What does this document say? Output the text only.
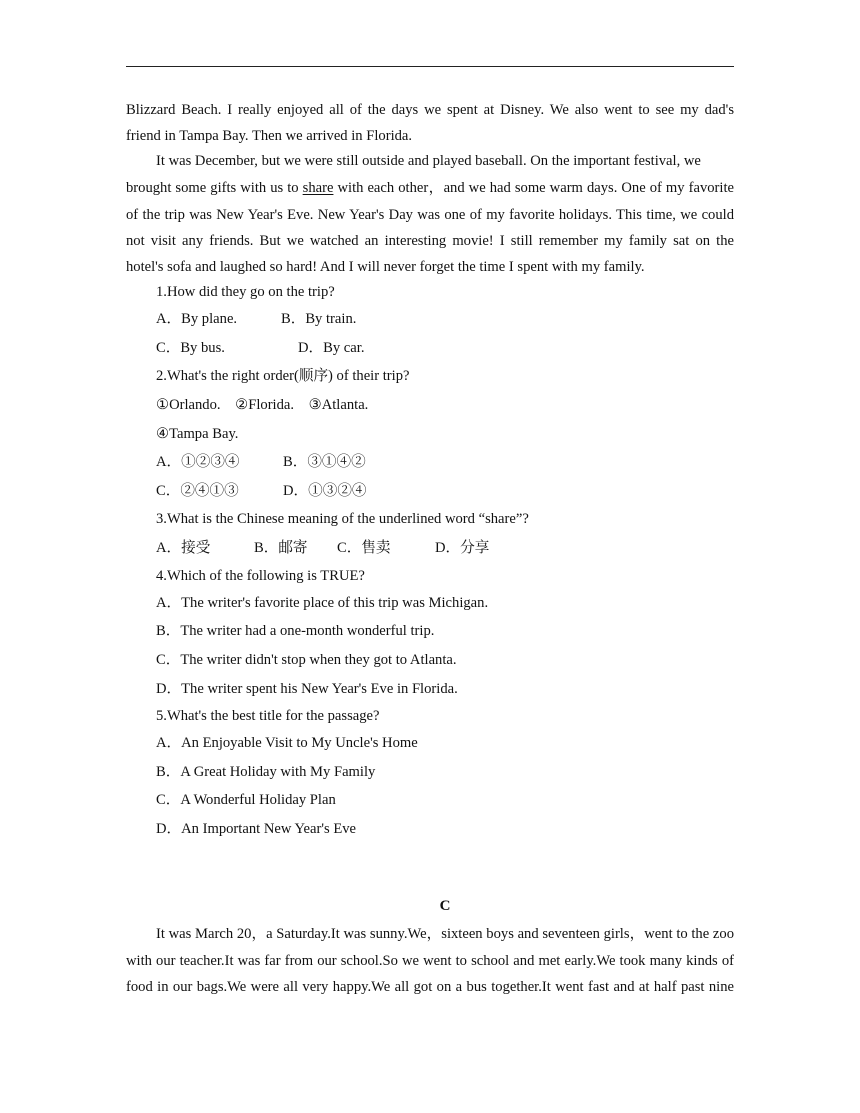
Blizzard Beach. I really enjoyed all of the days we spent at Disney. We also went to see my dad's
friend in Tampa Bay. Then we arrived in Florida.
It was December, but we were still outside and played baseball. On the important festival, we
brought some gifts with us to share with each other，and we had some warm days. One of my favorite
of the trip was New Year's Eve. New Year's Day was one of my favorite holidays. This time, we could
not visit any friends. But we watched an interesting movie! I still remember my family sat on the
hotel's sofa and laughed so hard! And I will never forget the time I spent with my family.
1.How did they go on the trip?
A．By plane.	B．By train.
C．By bus.	D．By car.
2.What's the right order(顺序) of their trip?
①Orlando.    ②Florida.    ③Atlanta.
④Tampa Bay.
A．①②③④	B．③①④②
C．②④①③	D．①③②④
3.What is the Chinese meaning of the underlined word “share”?
A．接受	B．邮寄 C．售卖	D．分享
4.Which of the following is TRUE?
A．The writer's favorite place of this trip was Michigan.
B．The writer had a one-month wonderful trip.
C．The writer didn't stop when they got to Atlanta.
D．The writer spent his New Year's Eve in Florida.
5.What's the best title for the passage?
A．An Enjoyable Visit to My Uncle's Home
B．A Great Holiday with My Family
C．A Wonderful Holiday Plan
D．An Important New Year's Eve
C
It was March 20，a Saturday.It was sunny.We，sixteen boys and seventeen girls，went to the zoo
with our teacher.It was far from our school.So we went to school and met early.We took many kinds of
food in our bags.We were all very happy.We all got on a bus together.It went fast and at half past nine
